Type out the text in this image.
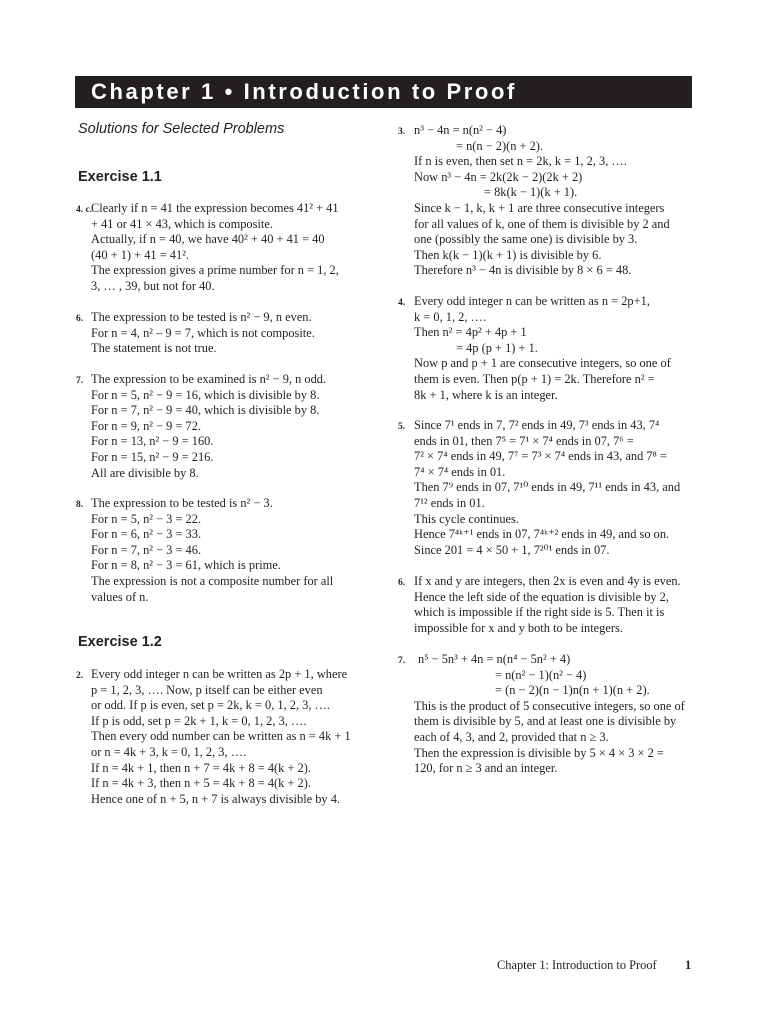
Chapter 1 • Introduction to Proof
Solutions for Selected Problems
Exercise 1.1
4. c.Clearly if n = 41 the expression becomes 41² + 41
+ 41 or 41 × 43, which is composite.
Actually, if n = 40, we have 40² + 40 + 41 = 40
(40 + 1) + 41 = 41².
The expression gives a prime number for n = 1, 2,
3, … , 39, but not for 40.
6. The expression to be tested is n² − 9, n even.
For n = 4, n² – 9 = 7, which is not composite.
The statement is not true.
7. The expression to be examined is n² − 9, n odd.
For n = 5, n² − 9 = 16, which is divisible by 8.
For n = 7, n² − 9 = 40, which is divisible by 8.
For n = 9, n² − 9 = 72.
For n = 13, n² − 9 = 160.
For n = 15, n² − 9 = 216.
All are divisible by 8.
8. The expression to be tested is n² − 3.
For n = 5, n² − 3 = 22.
For n = 6, n² − 3 = 33.
For n = 7, n² − 3 = 46.
For n = 8, n² − 3 = 61, which is prime.
The expression is not a composite number for all
values of n.
Exercise 1.2
2. Every odd integer n can be written as 2p + 1, where
p = 1, 2, 3, …. Now, p itself can be either even
or odd. If p is even, set p = 2k, k = 0, 1, 2, 3, ….
If p is odd, set p = 2k + 1, k = 0, 1, 2, 3, ….
Then every odd number can be written as n = 4k + 1
or n = 4k + 3, k = 0, 1, 2, 3, ….
If n = 4k + 1, then n + 7 = 4k + 8 = 4(k + 2).
If n = 4k + 3, then n + 5 = 4k + 8 = 4(k + 2).
Hence one of n + 5, n + 7 is always divisible by 4.
3. n³ − 4n = n(n² − 4)
= n(n − 2)(n + 2).
If n is even, then set n = 2k, k = 1, 2, 3, ….
Now n³ − 4n = 2k(2k − 2)(2k + 2)
= 8k(k − 1)(k + 1).
Since k − 1, k, k + 1 are three consecutive integers
for all values of k, one of them is divisible by 2 and
one (possibly the same one) is divisible by 3.
Then k(k − 1)(k + 1) is divisible by 6.
Therefore n³ − 4n is divisible by 8 × 6 = 48.
4. Every odd integer n can be written as n = 2p+1,
k = 0, 1, 2, ….
Then n² = 4p² + 4p + 1
= 4p (p + 1) + 1.
Now p and p + 1 are consecutive integers, so one of
them is even. Then p(p + 1) = 2k. Therefore n² =
8k + 1, where k is an integer.
5. Since 7¹ ends in 7, 7² ends in 49, 7³ ends in 43, 7⁴
ends in 01, then 7⁵ = 7¹ × 7⁴ ends in 07, 7⁶ =
7² × 7⁴ ends in 49, 7⁷ = 7³ × 7⁴ ends in 43, and 7⁸ =
7⁴ × 7⁴ ends in 01.
Then 7⁹ ends in 07, 7¹⁰ ends in 49, 7¹¹ ends in 43, and
7¹² ends in 01.
This cycle continues.
Hence 7⁴ᵏ⁺¹ ends in 07, 7⁴ᵏ⁺² ends in 49, and so on.
Since 201 = 4 × 50 + 1, 7²⁰¹ ends in 07.
6. If x and y are integers, then 2x is even and 4y is even.
Hence the left side of the equation is divisible by 2,
which is impossible if the right side is 5. Then it is
impossible for x and y both to be integers.
7. n⁵ − 5n³ + 4n = n(n⁴ − 5n² + 4)
= n(n² − 1)(n² − 4)
= (n − 2)(n − 1)n(n + 1)(n + 2).
This is the product of 5 consecutive integers, so one of
them is divisible by 5, and at least one is divisible by
each of 4, 3, and 2, provided that n ≥ 3.
Then the expression is divisible by 5 × 4 × 3 × 2 =
120, for n ≥ 3 and an integer.
Chapter 1: Introduction to Proof 1
